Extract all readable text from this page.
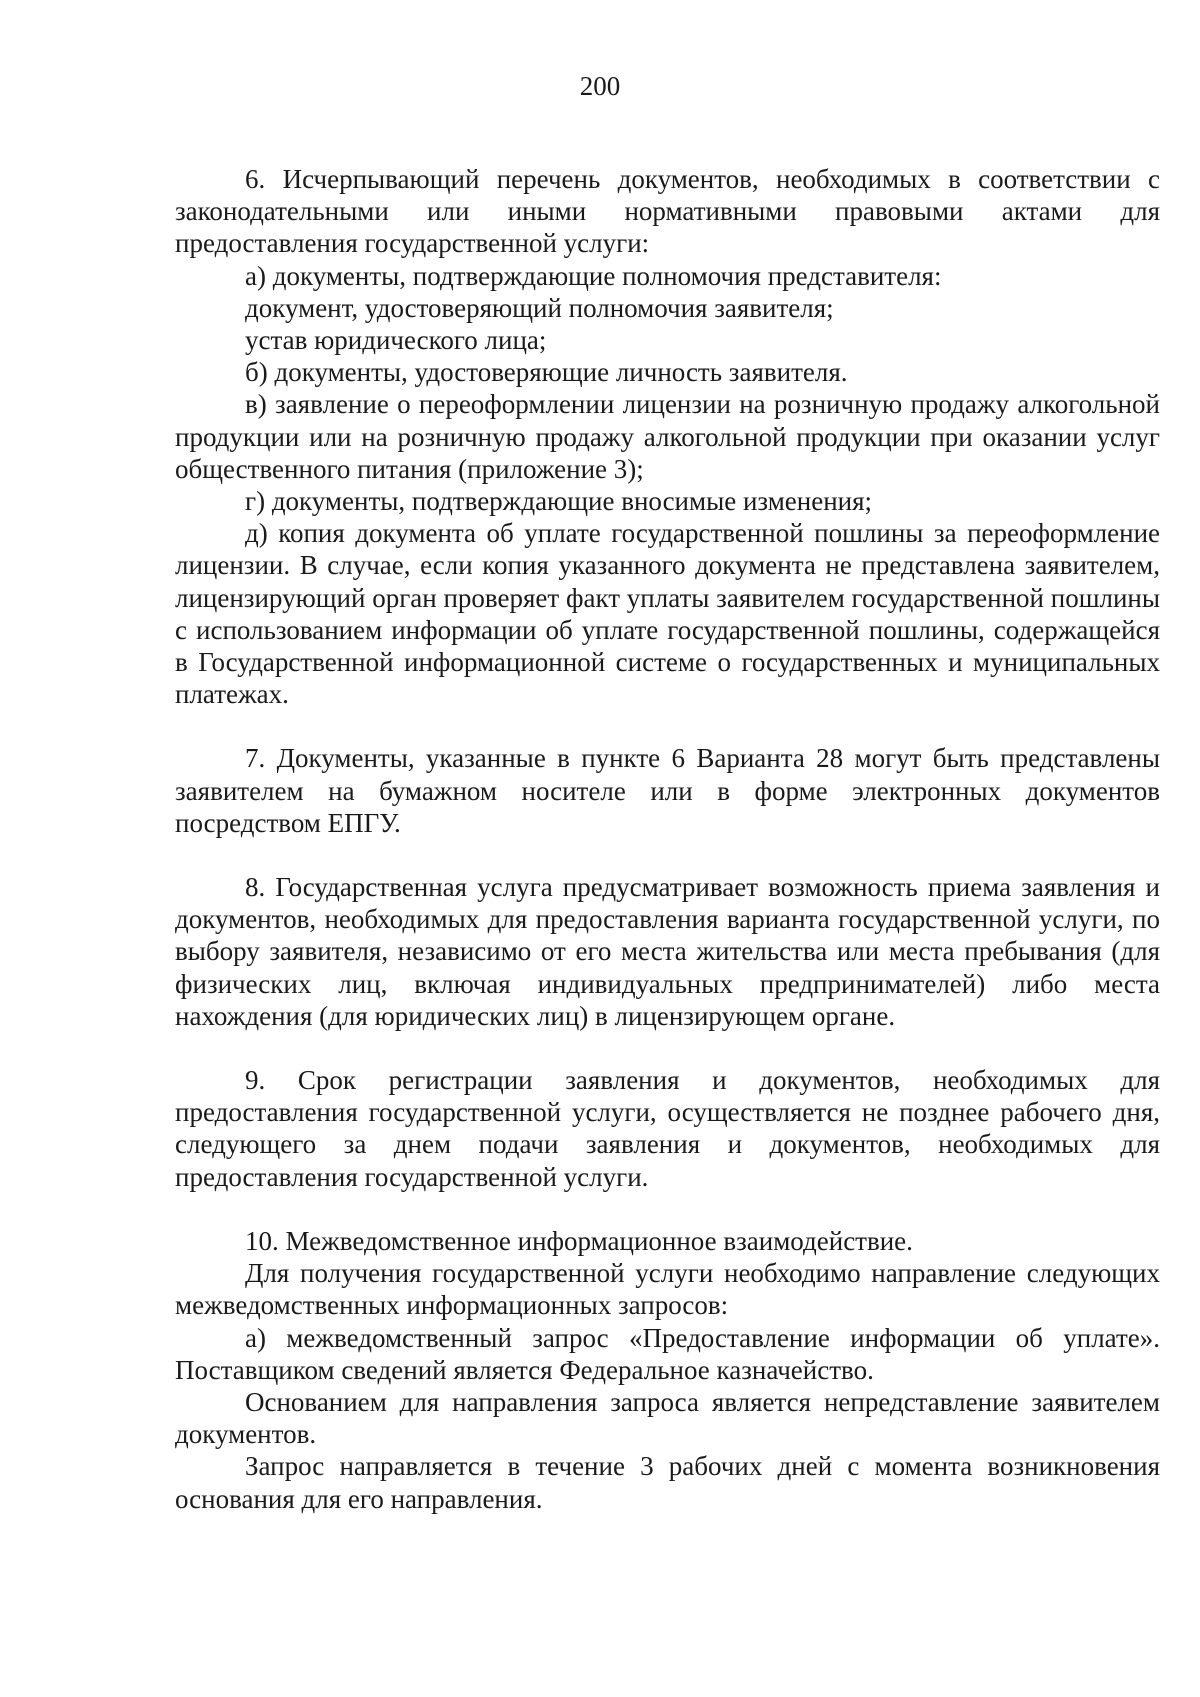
200

6. Исчерпывающий перечень документов, необходимых в соответствии с законодательными или иными нормативными правовыми актами для предоставления государственной услуги:

а) документы, подтверждающие полномочия представителя:

документ, удостоверяющий полномочия заявителя;

устав юридического лица;

б) документы, удостоверяющие личность заявителя.

в) заявление о переоформлении лицензии на розничную продажу алкогольной продукции или на розничную продажу алкогольной продукции при оказании услуг общественного питания (приложение 3);

г) документы, подтверждающие вносимые изменения;

д) копия документа об уплате государственной пошлины за переоформление лицензии. В случае, если копия указанного документа не представлена заявителем, лицензирующий орган проверяет факт уплаты заявителем государственной пошлины с использованием информации об уплате государственной пошлины, содержащейся в Государственной информационной системе о государственных и муниципальных платежах.

7. Документы, указанные в пункте 6 Варианта 28 могут быть представлены заявителем на бумажном носителе или в форме электронных документов посредством ЕПГУ.

8. Государственная услуга предусматривает возможность приема заявления и документов, необходимых для предоставления варианта государственной услуги, по выбору заявителя, независимо от его места жительства или места пребывания (для физических лиц, включая индивидуальных предпринимателей) либо места нахождения (для юридических лиц) в лицензирующем органе.

9. Срок регистрации заявления и документов, необходимых для предоставления государственной услуги, осуществляется не позднее рабочего дня, следующего за днем подачи заявления и документов, необходимых для предоставления государственной услуги.

10. Межведомственное информационное взаимодействие.

Для получения государственной услуги необходимо направление следующих межведомственных информационных запросов:

а) межведомственный запрос «Предоставление информации об уплате». Поставщиком сведений является Федеральное казначейство.

Основанием для направления запроса является непредставление заявителем документов.

Запрос направляется в течение 3 рабочих дней с момента возникновения основания для его направления.
